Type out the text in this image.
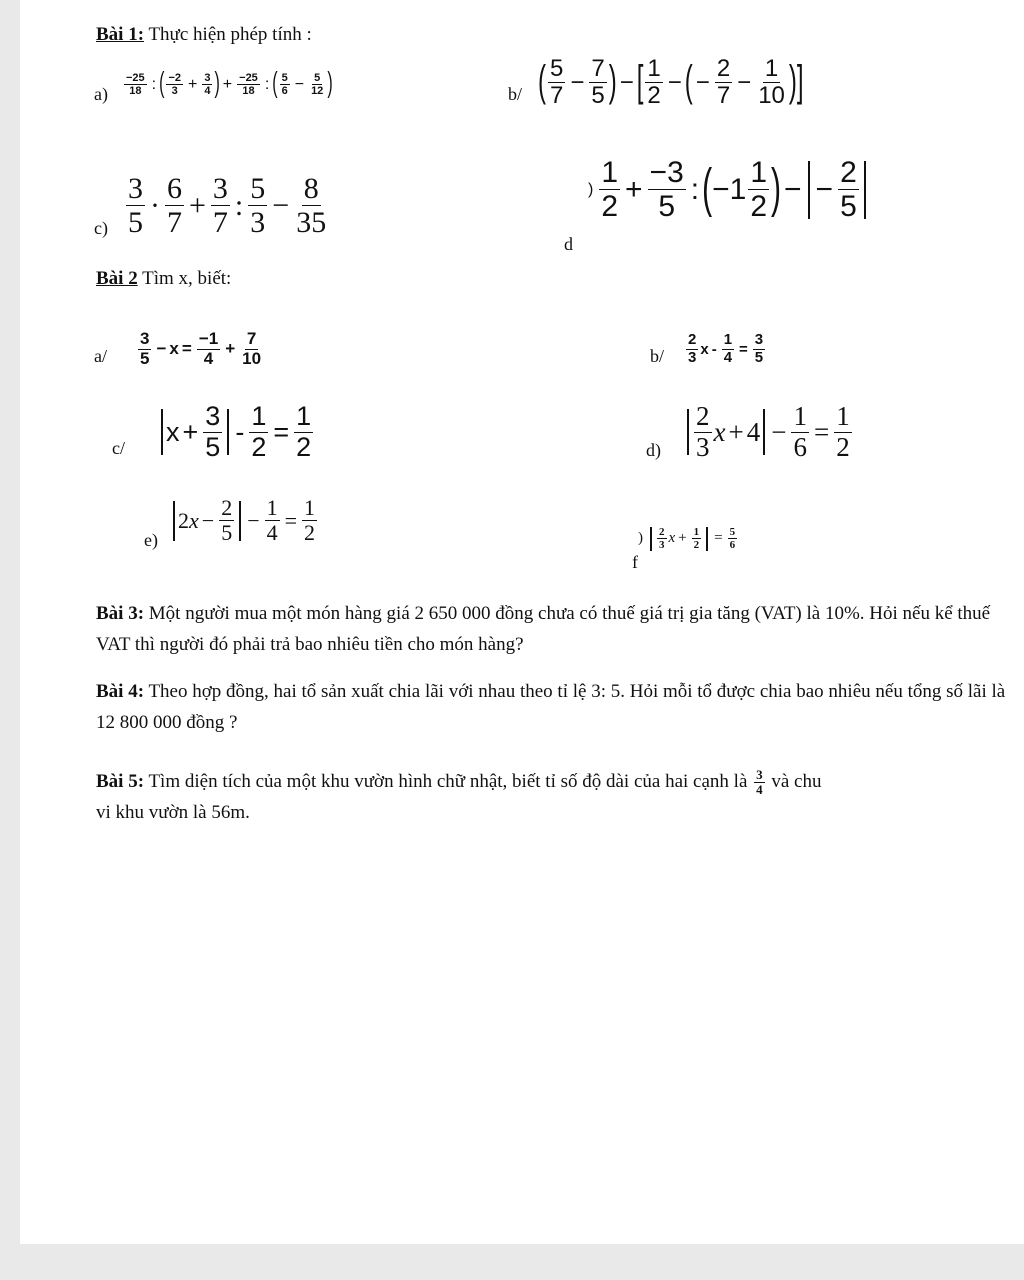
Bài 1: Thực hiện phép tính :
$a) \frac{-25}{18}$ : ( $\frac{-2}{3} + \frac{3}{4}$ ) + $\frac{-25}{18}$ : ( $\frac{5}{6} - \frac{5}{12}$ )	b/ ( $\frac{5}{7} - \frac{7}{5}$ ) − [ $\frac{1}{2}$ − ( − $\frac{2}{7} - \frac{1}{10}$ ) ]
$c) \frac{3}{5} \cdot \frac{6}{7} + \frac{3}{7}$ : $\frac{5}{3} - \frac{8}{35}$
d
) $\frac{1}{2} + \frac{-3}{5}$ : ( $-1 \frac{1}{2}$ ) − − $\frac{2}{5}$
Bài 2 Tìm x, biết:
$a/ \frac{3}{5} - x = \frac{-1}{4} + \frac{7}{10}$	$b/ \frac{2}{3}$ $x - \frac{1}{4} = \frac{3}{5}$
c/
$x + \frac{3}{5} - \frac{1}{2} = \frac{1}{2}$	$d) \frac{2}{3}$ $x + 4 - \frac{1}{6} = \frac{1}{2}$
e)
2 $x - \frac{2}{5} - \frac{1}{4} = \frac{1}{2}$
f
) $\frac{2}{3}$ $x + \frac{1}{2} = \frac{5}{6}$
Bài 3: Một người mua một món hàng giá 2 650 000 đồng chưa có thuế giá trị gia tăng (VAT) là 10%. Hỏi nếu kể thuế VAT thì người đó phải trả bao nhiêu tiền cho món hàng?
Bài 4: Theo hợp đồng, hai tổ sản xuất chia lãi với nhau theo tỉ lệ 3: 5. Hỏi mỗi tổ được chia bao nhiêu nếu tổng số lãi là 12 800 000 đồng ?
Bài 5: Tìm diện tích của một khu vườn hình chữ nhật, biết tỉ số độ dài của hai cạnh là $\frac{3}{4}$ và chu
vi khu vườn là 56m.
